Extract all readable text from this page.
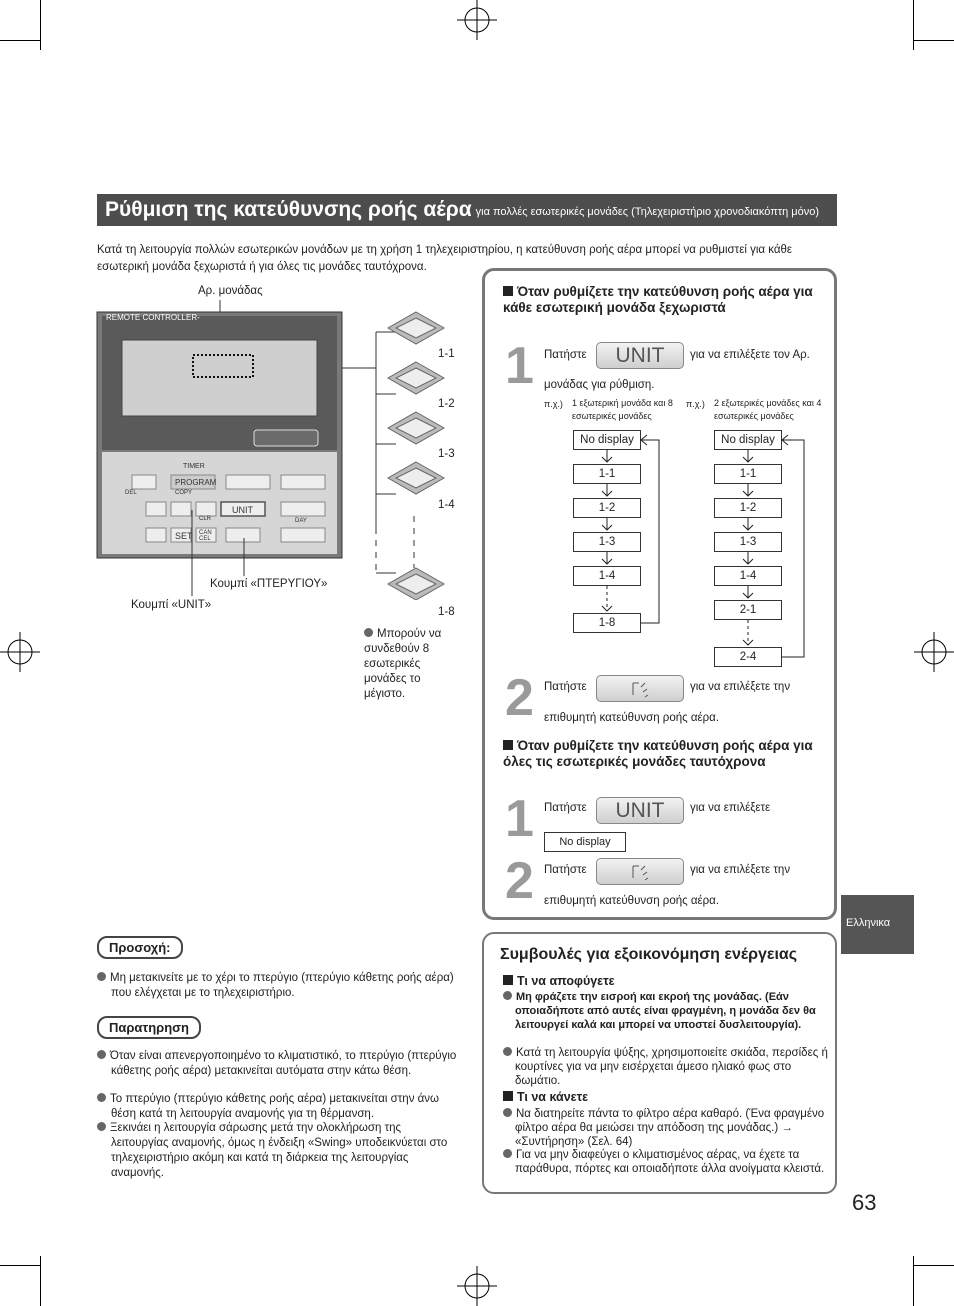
Ρύθμιση της κατεύθυνσης ροής αέρα για πολλές εσωτερικές μονάδες (Τηλεχειριστήριο χρονοδιακόπτη μόνο)
Κατά τη λειτουργία πολλών εσωτερικών μονάδων με τη χρήση 1 τηλεχειριστηρίου, η κατεύθυνση ροής αέρα μπορεί να ρυθμιστεί για κάθε εσωτερική μονάδα ξεχωριστά ή για όλες τις μονάδες ταυτόχρονα.
Αρ. μονάδας
REMOTE CONTROLLER-
TIMER
PROGRAM
COPY
UNIT
SET CAN CEL
DEL
DAY
CLR
1-1
1-2
1-3
1-4
1-8
Κουμπί «ΠΤΕΡΥΓΙΟΥ»
Κουμπί «UNIT»
Μπορούν να συνδεθούν 8 εσωτερικές μονάδες το μέγιστο.
Όταν ρυθμίζετε την κατεύθυνση ροής αέρα για κάθε εσωτερική μονάδα ξεχωριστά
1 Πατήστε	UNIT	για να επιλέξετε τον Αρ.
μονάδας για ρύθμιση.
π.χ.) 1 εξωτερική μονάδα και 8 εσωτερικές μονάδες
π.χ.) 2 εξωτερικές μονάδες και 4 εσωτερικές μονάδες
No display
1-1
1-2
1-3
1-4
1-8
No display
1-1
1-2
1-3
1-4
2-1
2-4
2 Πατήστε	για να επιλέξετε την
επιθυμητή κατεύθυνση ροής αέρα.
Όταν ρυθμίζετε την κατεύθυνση ροής αέρα για όλες τις εσωτερικές μονάδες ταυτόχρονα
1 Πατήστε	UNIT	για να επιλέξετε
No display
2 Πατήστε	για να επιλέξετε την
επιθυμητή κατεύθυνση ροής αέρα.
Προσοχή:
Μη μετακινείτε με το χέρι το πτερύγιο (πτερύγιο κάθετης ροής αέρα) που ελέγχεται με το τηλεχειριστήριο.
Παρατηρηση
Όταν είναι απενεργοποιημένο το κλιματιστικό, το πτερύγιο (πτερύγιο κάθετης ροής αέρα) μετακινείται αυτόματα στην κάτω θέση.
Το πτερύγιο (πτερύγιο κάθετης ροής αέρα) μετακινείται στην άνω θέση κατά τη λειτουργία αναμονής για τη θέρμανση.
Ξεκινάει η λειτουργία σάρωσης μετά την ολοκλήρωση της λειτουργίας αναμονής, όμως η ένδειξη «Swing» υποδεικνύεται στο τηλεχειριστήριο ακόμη και κατά τη διάρκεια της λειτουργίας αναμονής.
Συμβουλές για εξοικονόμηση ενέργειας
Τι να αποφύγετε
Μη φράζετε την εισροή και εκροή της μονάδας. (Εάν οποιαδήποτε από αυτές είναι φραγμένη, η μονάδα δεν θα λειτουργεί καλά και μπορεί να υποστεί δυσλειτουργία).
Κατά τη λειτουργία ψύξης, χρησιμοποιείτε σκιάδα, περσίδες ή κουρτίνες για να μην εισέρχεται άμεσο ηλιακό φως στο δωμάτιο.
Τι να κάνετε
Να διατηρείτε πάντα το φίλτρο αέρα καθαρό. (Ένα φραγμένο φίλτρο αέρα θα μειώσει την απόδοση της μονάδας.) → «Συντήρηση» (Σελ. 64)
Για να μην διαφεύγει ο κλιματισμένος αέρας, να έχετε τα παράθυρα, πόρτες και οποιαδήποτε άλλα ανοίγματα κλειστά.
Eλληνικα
63
